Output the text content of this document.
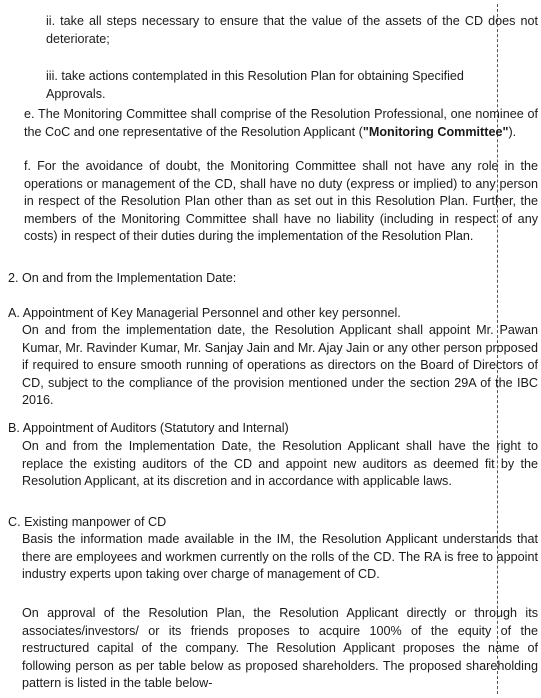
ii. take all steps necessary to ensure that the value of the assets of the CD does not deteriorate;
iii. take actions contemplated in this Resolution Plan for obtaining Specified Approvals.
e. The Monitoring Committee shall comprise of the Resolution Professional, one nominee of the CoC and one representative of the Resolution Applicant ("Monitoring Committee").
f. For the avoidance of doubt, the Monitoring Committee shall not have any role in the operations or management of the CD, shall have no duty (express or implied) to any person in respect of the Resolution Plan other than as set out in this Resolution Plan. Further, the members of the Monitoring Committee shall have no liability (including in respect of any costs) in respect of their duties during the implementation of the Resolution Plan.
2. On and from the Implementation Date:
A. Appointment of Key Managerial Personnel and other key personnel.
On and from the implementation date, the Resolution Applicant shall appoint Mr. Pawan Kumar, Mr. Ravinder Kumar, Mr. Sanjay Jain and Mr. Ajay Jain or any other person proposed if required to ensure smooth running of operations as directors on the Board of Directors of CD, subject to the compliance of the provision mentioned under the section 29A of the IBC 2016.
B. Appointment of Auditors (Statutory and Internal)
On and from the Implementation Date, the Resolution Applicant shall have the right to replace the existing auditors of the CD and appoint new auditors as deemed fit by the Resolution Applicant, at its discretion and in accordance with applicable laws.
C. Existing manpower of CD
Basis the information made available in the IM, the Resolution Applicant understands that there are employees and workmen currently on the rolls of the CD. The RA is free to appoint industry experts upon taking over charge of management of CD.
On approval of the Resolution Plan, the Resolution Applicant directly or through its associates/investors/ or its friends proposes to acquire 100% of the equity of the restructured capital of the company. The Resolution Applicant proposes the name of following person as per table below as proposed shareholders. The proposed shareholding pattern is listed in the table below-
